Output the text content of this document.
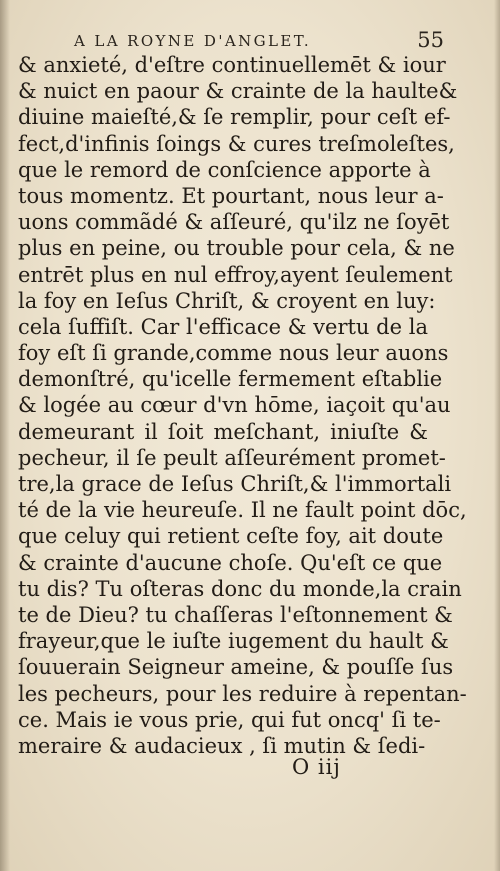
A LA ROYNE D'ANGLET.	55
& anxieté, d'eſtre continuellemēt & iour
& nuict en paour & crainte de la haulte&
diuine maieſté,& ſe remplir, pour ceſt ef-
fect,d'infinis ſoings & cures treſmoleſtes,
que le remord de conſcience apporte à
tous momentz. Et pourtant, nous leur a-
uons commãdé & aſſeuré, qu'ilz ne ſoyēt
plus en peine, ou trouble pour cela, & ne
entrēt plus en nul effroy,ayent ſeulement
la foy en Ieſus Chriſt, & croyent en luy:
cela ſuffiſt. Car l'efficace & vertu de la
foy eſt ſi grande,comme nous leur auons
demonſtré, qu'icelle fermement eſtablie
& logée au cœur d'vn hōme, iaçoit qu'au
demeurant il ſoit meſchant, iniuſte &
pecheur, il ſe peult aſſeurément promet-
tre,la grace de Ieſus Chriſt,& l'immortali
té de la vie heureuſe. Il ne fault point dōc,
que celuy qui retient ceſte foy, ait doute
& crainte d'aucune choſe. Qu'eſt ce que
tu dis? Tu oſteras donc du monde,la crain
te de Dieu? tu chaſſeras l'eſtonnement &
frayeur,que le iuſte iugement du hault &
ſouuerain Seigneur ameine, & pouſſe ſus
les pecheurs, pour les reduire à repentan-
ce. Mais ie vous prie, qui fut oncq' ſi te-
meraire & audacieux , ſi mutin & ſedi-
O iij
